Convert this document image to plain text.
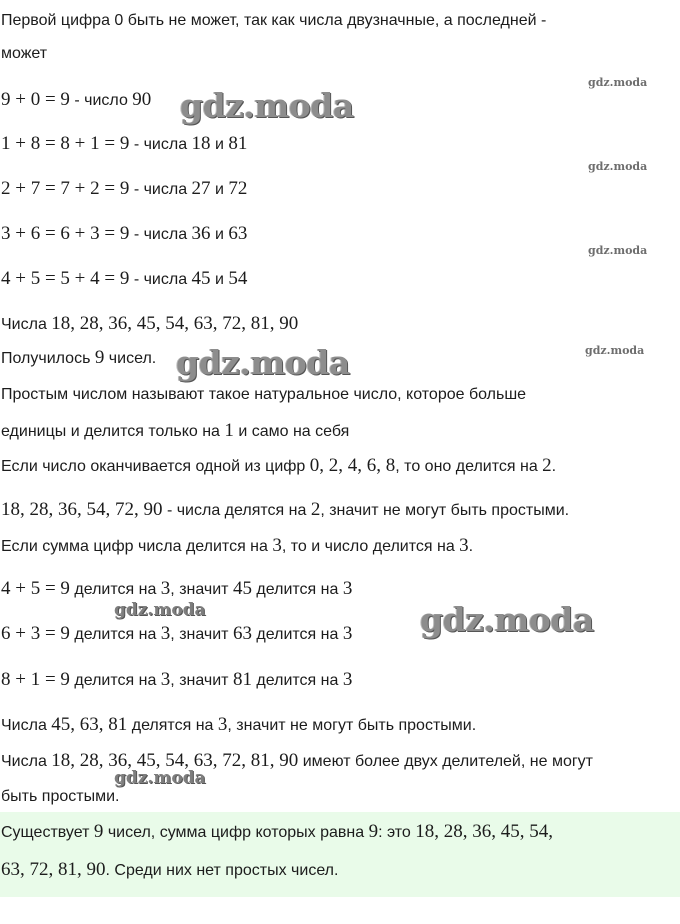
Первой цифра 0 быть не может, так как числа двузначные, а последней -
может
9 + 0 = 9 - число 90
1 + 8 = 8 + 1 = 9 - числа 18 и 81
2 + 7 = 7 + 2 = 9 - числа 27 и 72
3 + 6 = 6 + 3 = 9 - числа 36 и 63
4 + 5 = 5 + 4 = 9 - числа 45 и 54
Числа 18, 28, 36, 45, 54, 63, 72, 81, 90
Получилось 9 чисел.
Простым числом называют такое натуральное число, которое больше
единицы и делится только на 1 и само на себя
Если число оканчивается одной из цифр 0, 2, 4, 6, 8, то оно делится на 2.
18, 28, 36, 54, 72, 90 - числа делятся на 2, значит не могут быть простыми.
Если сумма цифр числа делится на 3, то и число делится на 3.
4 + 5 = 9 делится на 3, значит 45 делится на 3
6 + 3 = 9 делится на 3, значит 63 делится на 3
8 + 1 = 9 делится на 3, значит 81 делится на 3
Числа 45, 63, 81 делятся на 3, значит не могут быть простыми.
Числа 18, 28, 36, 45, 54, 63, 72, 81, 90 имеют более двух делителей, не могут
быть простыми.
Существует 9 чисел, сумма цифр которых равна 9: это 18, 28, 36, 45, 54,
63, 72, 81, 90. Среди них нет простых чисел.
gdz.moda
gdz.moda
gdz.moda
gdz.moda
gdz.moda
gdz.moda
gdz.moda
gdz.moda
gdz.moda
